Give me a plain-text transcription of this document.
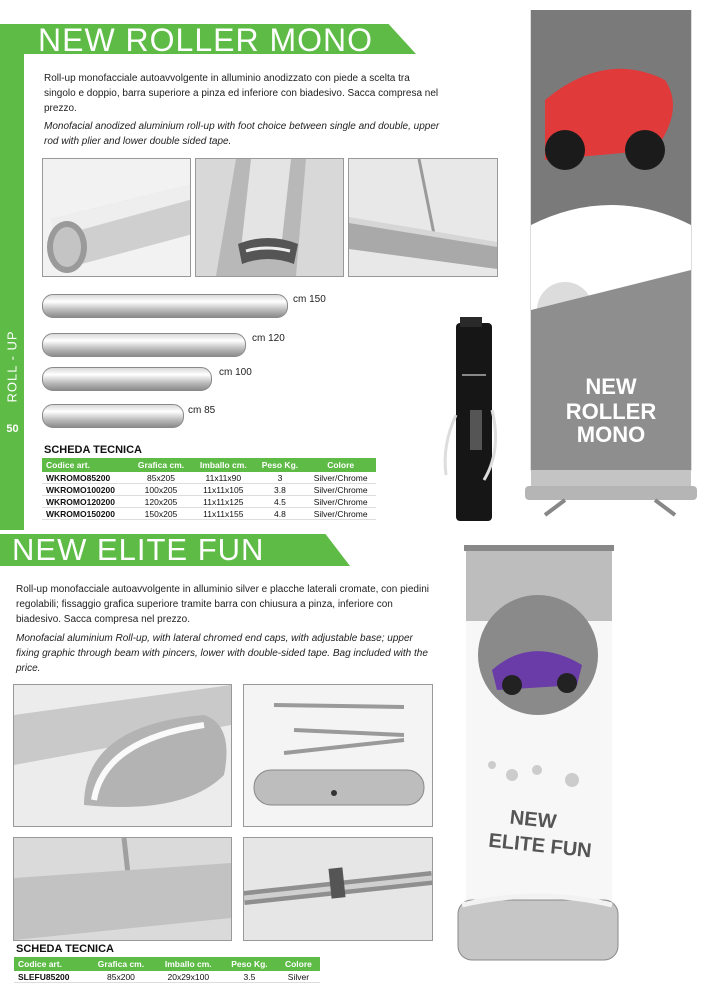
ROLL - UP
50
NEW ROLLER MONO
Roll-up monofacciale autoavvolgente in alluminio anodizzato con piede a scelta tra singolo e doppio, barra superiore a pinza ed inferiore con biadesivo. Sacca compresa nel prezzo.
Monofacial anodized aluminium roll-up with foot choice between single and double, upper rod with plier and lower double sided tape.
cm 150
cm 120
cm 100
cm 85
NEW
ROLLER MONO
SCHEDA TECNICA
Codice art.	Grafica cm.	Imballo cm.	Peso Kg.	Colore
WKROMO85200	85x205	11x11x90	3	Silver/Chrome
WKROMO100200	100x205	11x11x105	3.8	Silver/Chrome
WKROMO120200	120x205	11x11x125	4.5	Silver/Chrome
WKROMO150200	150x205	11x11x155	4.8	Silver/Chrome
NEW ELITE FUN
Roll-up monofacciale autoavvolgente in alluminio silver e placche laterali cromate, con piedini regolabili; fissaggio grafica superiore tramite barra con chiusura a pinza, inferiore con biadesivo. Sacca compresa nel prezzo.
Monofacial aluminium Roll-up, with lateral chromed end caps, with adjustable base; upper fixing graphic through beam with pincers, lower with double-sided tape. Bag included with the price.
NEW
ELITE FUN
SCHEDA TECNICA
Codice art.	Grafica cm.	Imballo cm.	Peso Kg.	Colore
SLEFU85200	85x200	20x29x100	3.5	Silver
